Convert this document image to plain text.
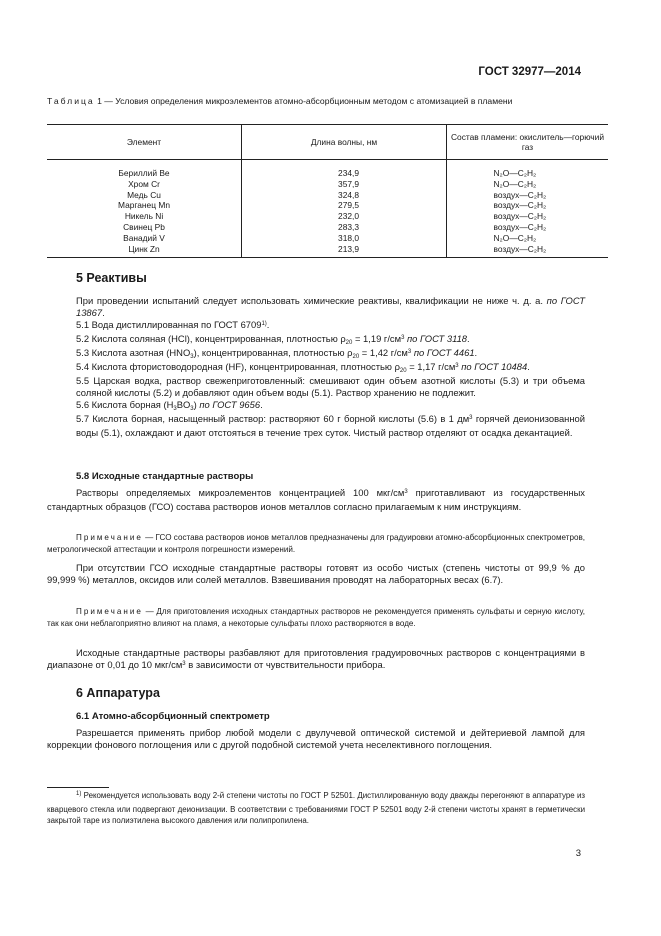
ГОСТ 32977—2014
Таблица 1 — Условия определения микроэлементов атомно-абсорбционным методом с атомизацией в пламени
Элемент	Длина волны, нм	Состав пламени: окислитель—горючий газ
Бериллий Be	234,9	N₂O—C₂H₂
Хром Cr	357,9	N₂O—C₂H₂
Медь Cu	324,8	воздух—C₂H₂
Марганец Mn	279,5	воздух—C₂H₂
Никель Ni	232,0	воздух—C₂H₂
Свинец Pb	283,3	воздух—C₂H₂
Ванадий V	318,0	N₂O—C₂H₂
Цинк Zn	213,9	воздух—C₂H₂
5 Реактивы
При проведении испытаний следует использовать химические реактивы, квалификации не ниже ч. д. а. по ГОСТ 13867.
5.1 Вода дистиллированная по ГОСТ 6709$^{1)}$.
5.2 Кислота соляная (HCl), концентрированная, плотностью $\rho_{20} = 1,19$ $г/см^3$ по ГОСТ 3118.
5.3 Кислота азотная $(HNO_3)$, концентрированная, плотностью $\rho_{20} = 1,42$ $г/см^3$ по ГОСТ 4461.
5.4 Кислота фтористоводородная (HF), концентрированная, плотностью $\rho_{20} = 1,17$ $г/см^3$ по ГОСТ 10484.
5.5 Царская водка, раствор свежеприготовленный: смешивают один объем азотной кислоты (5.3) и три объема соляной кислоты (5.2) и добавляют один объем воды (5.1). Раствор хранению не подлежит.
5.6 Кислота борная $(H_3BO_3)$ по ГОСТ 9656.
5.7 Кислота борная, насыщенный раствор: растворяют 60 г борной кислоты (5.6) в 1 $дм^3$ горячей деионизованной воды (5.1), охлаждают и дают отстояться в течение трех суток. Чистый раствор отделяют от осадка декантацией.
5.8 Исходные стандартные растворы
Растворы определяемых микроэлементов концентрацией 100 мкг/$см^3$ приготавливают из государственных стандартных образцов (ГСО) состава растворов ионов металлов согласно прилагаемым к ним инструкциям.
Примечание — ГСО состава растворов ионов металлов предназначены для градуировки атомно-абсорбционных спектрометров, метрологической аттестации и контроля погрешности измерений.
При отсутствии ГСО исходные стандартные растворы готовят из особо чистых (степень чистоты от 99,9 % до 99,999 %) металлов, оксидов или солей металлов. Взвешивания проводят на лабораторных весах (6.7).
Примечание — Для приготовления исходных стандартных растворов не рекомендуется применять сульфаты и серную кислоту, так как они неблагоприятно влияют на пламя, а некоторые сульфаты плохо растворяются в воде.
Исходные стандартные растворы разбавляют для приготовления градуировочных растворов с концентрациями в диапазоне от 0,01 до 10 мкг/$см^3$ в зависимости от чувствительности прибора.
6 Аппаратура
6.1 Атомно-абсорбционный спектрометр
Разрешается применять прибор любой модели с двулучевой оптической системой и дейтериевой лампой для коррекции фонового поглощения или с другой подобной системой учета неселективного поглощения.
$^{1)}$ Рекомендуется использовать воду 2-й степени чистоты по ГОСТ Р 52501. Дистиллированную воду дважды перегоняют в аппаратуре из кварцевого стекла или подвергают деионизации. В соответствии с требованиями ГОСТ Р 52501 воду 2-й степени чистоты хранят в герметически закрытой таре из полиэтилена высокого давления или полипропилена.
3
